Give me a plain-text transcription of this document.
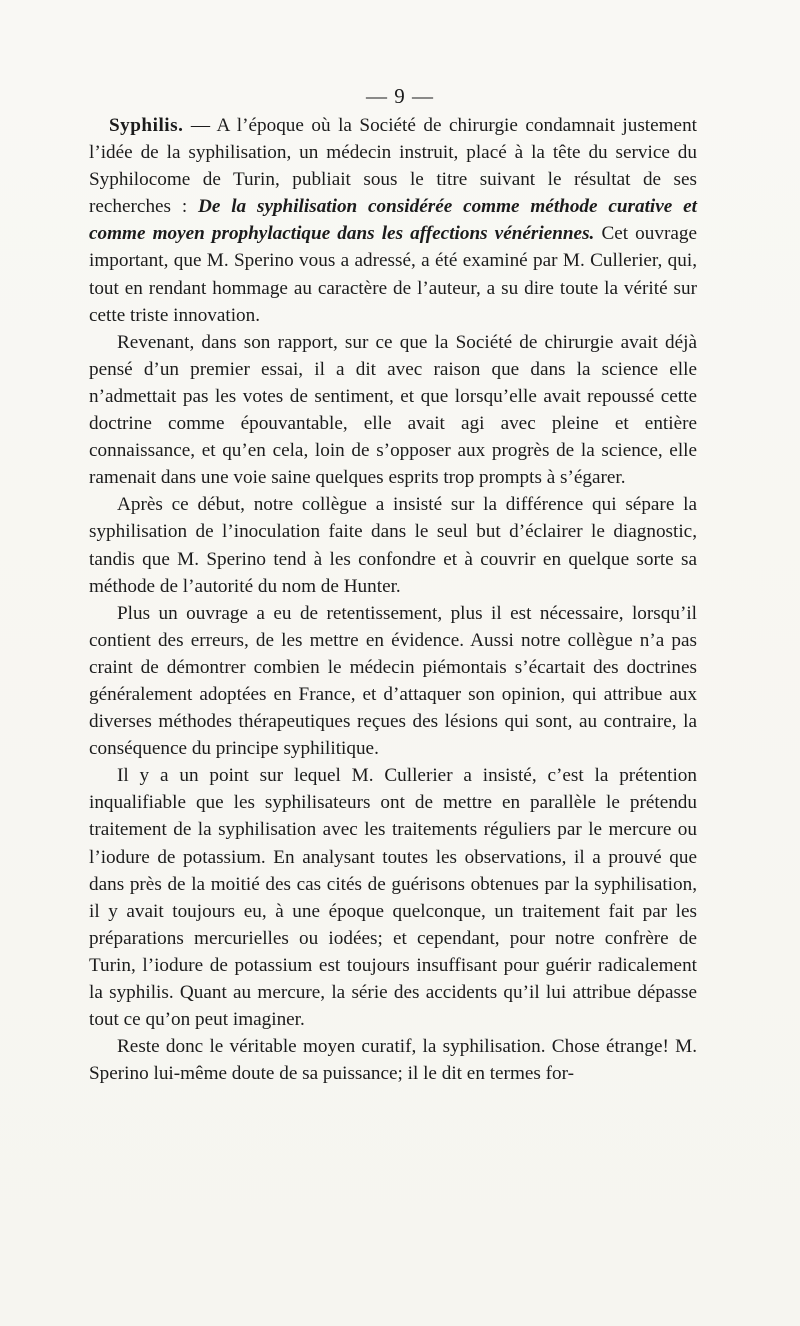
— 9 —

Syphilis. — A l’époque où la Société de chirurgie condamnait justement l’idée de la syphilisation, un médecin instruit, placé à la tête du service du Syphilocome de Turin, publiait sous le titre suivant le résultat de ses recherches : De la syphilisation considérée comme méthode curative et comme moyen prophylactique dans les affections vénériennes. Cet ouvrage important, que M. Sperino vous a adressé, a été examiné par M. Cullerier, qui, tout en rendant hommage au caractère de l’auteur, a su dire toute la vérité sur cette triste innovation.

Revenant, dans son rapport, sur ce que la Société de chirurgie avait déjà pensé d’un premier essai, il a dit avec raison que dans la science elle n’admettait pas les votes de sentiment, et que lorsqu’elle avait repoussé cette doctrine comme épouvantable, elle avait agi avec pleine et entière connaissance, et qu’en cela, loin de s’opposer aux progrès de la science, elle ramenait dans une voie saine quelques esprits trop prompts à s’égarer.

Après ce début, notre collègue a insisté sur la différence qui sépare la syphilisation de l’inoculation faite dans le seul but d’éclairer le diagnostic, tandis que M. Sperino tend à les confondre et à couvrir en quelque sorte sa méthode de l’autorité du nom de Hunter.

Plus un ouvrage a eu de retentissement, plus il est nécessaire, lorsqu’il contient des erreurs, de les mettre en évidence. Aussi notre collègue n’a pas craint de démontrer combien le médecin piémontais s’écartait des doctrines généralement adoptées en France, et d’attaquer son opinion, qui attribue aux diverses méthodes thérapeutiques reçues des lésions qui sont, au contraire, la conséquence du principe syphilitique.

Il y a un point sur lequel M. Cullerier a insisté, c’est la prétention inqualifiable que les syphilisateurs ont de mettre en parallèle le prétendu traitement de la syphilisation avec les traitements réguliers par le mercure ou l’iodure de potassium. En analysant toutes les observations, il a prouvé que dans près de la moitié des cas cités de guérisons obtenues par la syphilisation, il y avait toujours eu, à une époque quelconque, un traitement fait par les préparations mercurielles ou iodées; et cependant, pour notre confrère de Turin, l’iodure de potassium est toujours insuffisant pour guérir radicalement la syphilis. Quant au mercure, la série des accidents qu’il lui attribue dépasse tout ce qu’on peut imaginer.

Reste donc le véritable moyen curatif, la syphilisation. Chose étrange! M. Sperino lui-même doute de sa puissance; il le dit en termes for-
